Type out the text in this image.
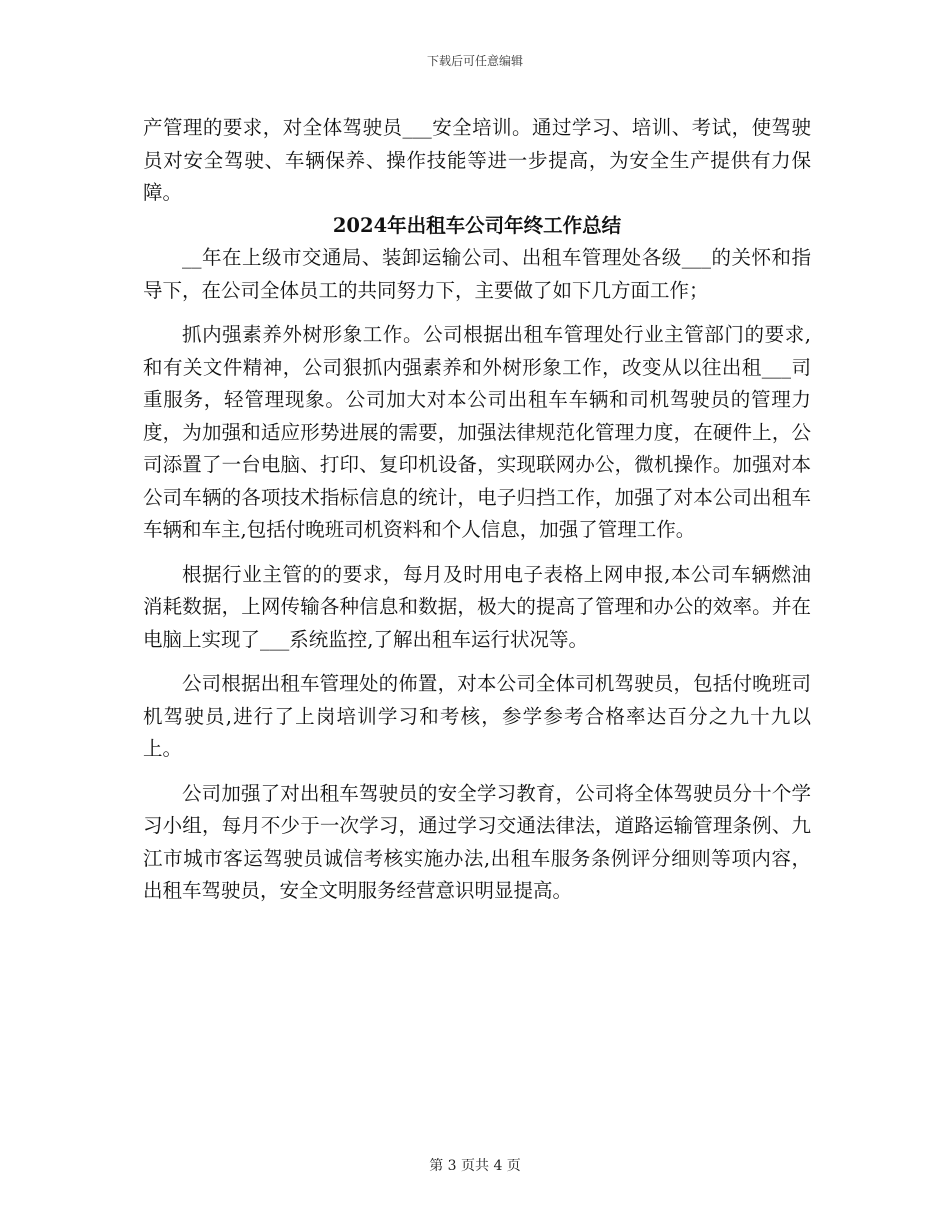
下载后可任意编辑

产管理的要求，对全体驾驶员___安全培训。通过学习、培训、考试，使驾驶员对安全驾驶、车辆保养、操作技能等进一步提高，为安全生产提供有力保障。

2024年出租车公司年终工作总结

__年在上级市交通局、装卸运输公司、出租车管理处各级___的关怀和指导下，在公司全体员工的共同努力下，主要做了如下几方面工作；

抓内强素养外树形象工作。公司根据出租车管理处行业主管部门的要求,和有关文件精神，公司狠抓内强素养和外树形象工作，改变从以往出租___司重服务，轻管理现象。公司加大对本公司出租车车辆和司机驾驶员的管理力度，为加强和适应形势进展的需要，加强法律规范化管理力度，在硬件上，公司添置了一台电脑、打印、复印机设备，实现联网办公，微机操作。加强对本公司车辆的各项技术指标信息的统计，电子归挡工作，加强了对本公司出租车车辆和车主,包括付晚班司机资料和个人信息，加强了管理工作。

根据行业主管的的要求，每月及时用电子表格上网申报,本公司车辆燃油消耗数据，上网传输各种信息和数据，极大的提高了管理和办公的效率。并在电脑上实现了___系统监控,了解出租车运行状况等。

公司根据出租车管理处的佈置，对本公司全体司机驾驶员，包括付晚班司机驾驶员,进行了上岗培训学习和考核，参学参考合格率达百分之九十九以上。

公司加强了对出租车驾驶员的安全学习教育，公司将全体驾驶员分十个学习小组，每月不少于一次学习，通过学习交通法律法，道路运输管理条例、九江市城市客运驾驶员诚信考核实施办法,出租车服务条例评分细则等项内容，出租车驾驶员，安全文明服务经营意识明显提高。

第 3 页共 4 页
